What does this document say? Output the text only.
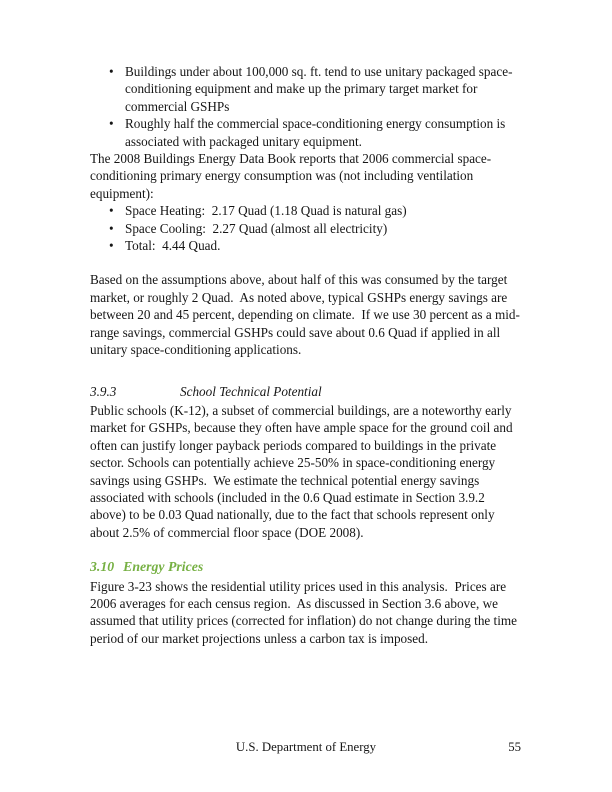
• Buildings under about 100,000 sq. ft. tend to use unitary packaged space-conditioning equipment and make up the primary target market for commercial GSHPs
• Roughly half the commercial space-conditioning energy consumption is associated with packaged unitary equipment.

The 2008 Buildings Energy Data Book reports that 2006 commercial space-conditioning primary energy consumption was (not including ventilation equipment):

• Space Heating:  2.17 Quad (1.18 Quad is natural gas)
• Space Cooling:  2.27 Quad (almost all electricity)
• Total:  4.44 Quad.

Based on the assumptions above, about half of this was consumed by the target market, or roughly 2 Quad.  As noted above, typical GSHPs energy savings are between 20 and 45 percent, depending on climate.  If we use 30 percent as a mid-range savings, commercial GSHPs could save about 0.6 Quad if applied in all unitary space-conditioning applications.

3.9.3	School Technical Potential

Public schools (K-12), a subset of commercial buildings, are a noteworthy early market for GSHPs, because they often have ample space for the ground coil and often can justify longer payback periods compared to buildings in the private sector. Schools can potentially achieve 25-50% in space-conditioning energy savings using GSHPs.  We estimate the technical potential energy savings associated with schools (included in the 0.6 Quad estimate in Section 3.9.2 above) to be 0.03 Quad nationally, due to the fact that schools represent only about 2.5% of commercial floor space (DOE 2008).

3.10 Energy Prices

Figure 3-23 shows the residential utility prices used in this analysis.  Prices are 2006 averages for each census region.  As discussed in Section 3.6 above, we assumed that utility prices (corrected for inflation) do not change during the time period of our market projections unless a carbon tax is imposed.

U.S. Department of Energy	55
